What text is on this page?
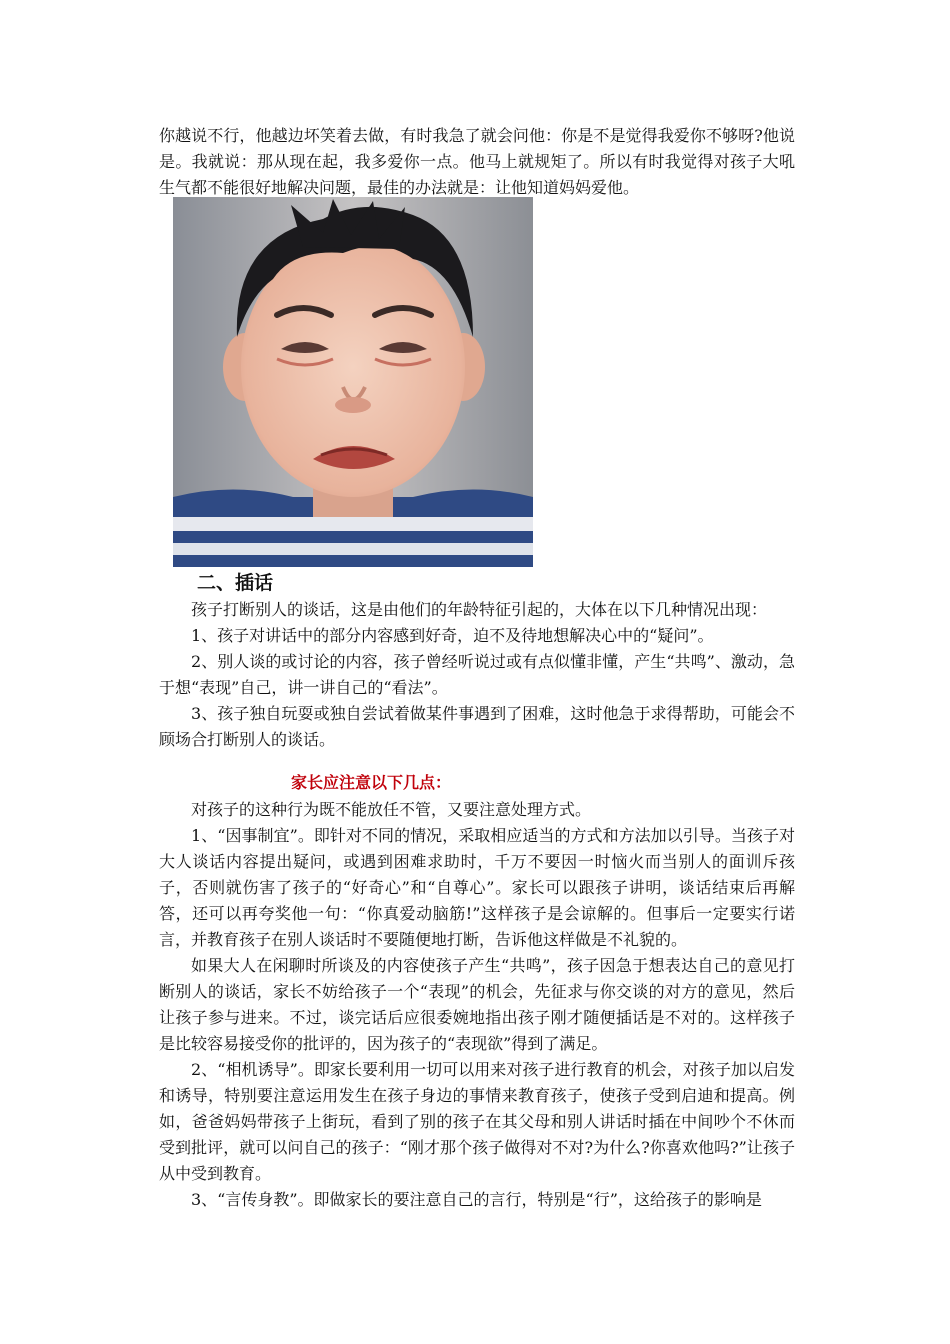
你越说不行，他越边坏笑着去做，有时我急了就会问他：你是不是觉得我爱你不够呀?他说是。我就说：那从现在起，我多爱你一点。他马上就规矩了。所以有时我觉得对孩子大吼生气都不能很好地解决问题，最佳的办法就是：让他知道妈妈爱他。

二、插话

孩子打断别人的谈话，这是由他们的年龄特征引起的，大体在以下几种情况出现：

1、孩子对讲话中的部分内容感到好奇，迫不及待地想解决心中的“疑问”。

2、别人谈的或讨论的内容，孩子曾经听说过或有点似懂非懂，产生“共鸣”、激动，急于想“表现”自己，讲一讲自己的“看法”。

3、孩子独自玩耍或独自尝试着做某件事遇到了困难，这时他急于求得帮助，可能会不顾场合打断别人的谈话。

家长应注意以下几点：

对孩子的这种行为既不能放任不管，又要注意处理方式。

1、“因事制宜”。即针对不同的情况，采取相应适当的方式和方法加以引导。当孩子对大人谈话内容提出疑问，或遇到困难求助时，千万不要因一时恼火而当别人的面训斥孩子，否则就伤害了孩子的“好奇心”和“自尊心”。家长可以跟孩子讲明，谈话结束后再解答，还可以再夸奖他一句：“你真爱动脑筋!”这样孩子是会谅解的。但事后一定要实行诺言，并教育孩子在别人谈话时不要随便地打断，告诉他这样做是不礼貌的。

如果大人在闲聊时所谈及的内容使孩子产生“共鸣”，孩子因急于想表达自己的意见打断别人的谈话，家长不妨给孩子一个“表现”的机会，先征求与你交谈的对方的意见，然后让孩子参与进来。不过，谈完话后应很委婉地指出孩子刚才随便插话是不对的。这样孩子是比较容易接受你的批评的，因为孩子的“表现欲”得到了满足。

2、“相机诱导”。即家长要利用一切可以用来对孩子进行教育的机会，对孩子加以启发和诱导，特别要注意运用发生在孩子身边的事情来教育孩子，使孩子受到启迪和提高。例如，爸爸妈妈带孩子上街玩，看到了别的孩子在其父母和别人讲话时插在中间吵个不休而受到批评，就可以问自己的孩子：“刚才那个孩子做得对不对?为什么?你喜欢他吗?”让孩子从中受到教育。

3、“言传身教”。即做家长的要注意自己的言行，特别是“行”，这给孩子的影响是
